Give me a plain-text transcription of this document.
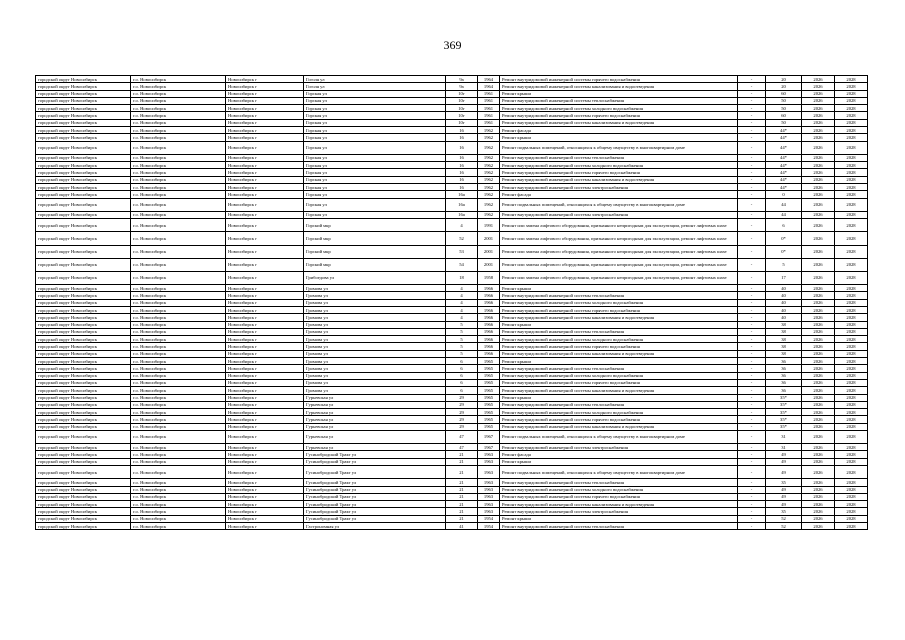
369
городской округ Новосибирск	г.о. Новосибирск	Новосибирск г	Гоголя ул	9а	1964	Ремонт внутридомовой инженерной системы горячего водоснабжения	-	20	2026	2028
городской округ Новосибирск	г.о. Новосибирск	Новосибирск г	Гоголя ул	9а	1964	Ремонт внутридомовой инженерной системы канализования и водоотведения	-	20	2026	2028
городской округ Новосибирск	г.о. Новосибирск	Новосибирск г	Горская ул	10г	1961	Ремонт крыши	-	60	2026	2028
городской округ Новосибирск	г.о. Новосибирск	Новосибирск г	Горская ул	10г	1961	Ремонт внутридомовой инженерной системы теплоснабжения	-	50	2026	2028
городской округ Новосибирск	г.о. Новосибирск	Новосибирск г	Горская ул	10г	1961	Ремонт внутридомовой инженерной системы холодного водоснабжения	-	50	2026	2028
городской округ Новосибирск	г.о. Новосибирск	Новосибирск г	Горская ул	10г	1961	Ремонт внутридомовой инженерной системы горячего водоснабжения	-	60	2026	2028
городской округ Новосибирск	г.о. Новосибирск	Новосибирск г	Горская ул	10г	1961	Ремонт внутридомовой инженерной системы канализования и водоотведения	-	50	2026	2028
городской округ Новосибирск	г.о. Новосибирск	Новосибирск г	Горская ул	16	1962	Ремонт фасада	-	44*	2026	2028
городской округ Новосибирск	г.о. Новосибирск	Новосибирск г	Горская ул	16	1962	Ремонт крыши	-	44*	2026	2028
городской округ Новосибирск	г.о. Новосибирск	Новосибирск г	Горская ул	16	1962	Ремонт подвальных помещений, относящихся к общему имуществу в многоквартирном доме	-	44*	2026	2028
городской округ Новосибирск	г.о. Новосибирск	Новосибирск г	Горская ул	16	1962	Ремонт внутридомовой инженерной системы теплоснабжения	-	44*	2026	2028
городской округ Новосибирск	г.о. Новосибирск	Новосибирск г	Горская ул	16	1962	Ремонт внутридомовой инженерной системы холодного водоснабжения	-	44*	2026	2028
городской округ Новосибирск	г.о. Новосибирск	Новосибирск г	Горская ул	16	1962	Ремонт внутридомовой инженерной системы горячего водоснабжения	-	44*	2026	2028
городской округ Новосибирск	г.о. Новосибирск	Новосибирск г	Горская ул	16	1962	Ремонт внутридомовой инженерной системы канализования и водоотведения	-	44*	2026	2028
городской округ Новосибирск	г.о. Новосибирск	Новосибирск г	Горская ул	16	1962	Ремонт внутридомовой инженерной системы электроснабжения	-	44*	2026	2028
городской округ Новосибирск	г.о. Новосибирск	Новосибирск г	Горская ул	16а	1962	Ремонт фасада	-	0	2026	2028
городской округ Новосибирск	г.о. Новосибирск	Новосибирск г	Горская ул	16а	1962	Ремонт подвальных помещений, относящихся к общему имуществу в многоквартирном доме	-	44	2026	2028
городской округ Новосибирск	г.о. Новосибирск	Новосибирск г	Горская ул	16а	1962	Ремонт внутридомовой инженерной системы электроснабжения	-	44	2026	2028
городской округ Новосибирск	г.о. Новосибирск	Новосибирск г	Горский мкр	4	1991	Ремонт или замена лифтового оборудования, признанного непригодным для эксплуатации, ремонт лифтовых шахт	-	6	2026	2028
городской округ Новосибирск	г.о. Новосибирск	Новосибирск г	Горский мкр	52	2001	Ремонт или замена лифтового оборудования, признанного непригодным для эксплуатации, ремонт лифтовых шахт	-	0*	2026	2028
городской округ Новосибирск	г.о. Новосибирск	Новосибирск г	Горский мкр	53	2001	Ремонт или замена лифтового оборудования, признанного непригодным для эксплуатации, ремонт лифтовых шахт	-	0*	2026	2028
городской округ Новосибирск	г.о. Новосибирск	Новосибирск г	Горский мкр	54	2001	Ремонт или замена лифтового оборудования, признанного непригодным для эксплуатации, ремонт лифтовых шахт	-	5	2026	2028
городской округ Новосибирск	г.о. Новосибирск	Новосибирск г	Грибоедова ул	18	1958	Ремонт или замена лифтового оборудования, признанного непригодным для эксплуатации, ремонт лифтовых шахт	-	17	2026	2028
городской округ Новосибирск	г.о. Новосибирск	Новосибирск г	Громова ул	4	1966	Ремонт крыши	-	40	2026	2028
городской округ Новосибирск	г.о. Новосибирск	Новосибирск г	Громова ул	4	1966	Ремонт внутридомовой инженерной системы теплоснабжения	-	40	2026	2028
городской округ Новосибирск	г.о. Новосибирск	Новосибирск г	Громова ул	4	1966	Ремонт внутридомовой инженерной системы холодного водоснабжения	-	40	2026	2028
городской округ Новосибирск	г.о. Новосибирск	Новосибирск г	Громова ул	4	1966	Ремонт внутридомовой инженерной системы горячего водоснабжения	-	40	2026	2028
городской округ Новосибирск	г.о. Новосибирск	Новосибирск г	Громова ул	4	1966	Ремонт внутридомовой инженерной системы канализования и водоотведения	-	40	2026	2028
городской округ Новосибирск	г.о. Новосибирск	Новосибирск г	Громова ул	5	1966	Ремонт крыши	-	38	2026	2028
городской округ Новосибирск	г.о. Новосибирск	Новосибирск г	Громова ул	5	1966	Ремонт внутридомовой инженерной системы теплоснабжения	-	38	2026	2028
городской округ Новосибирск	г.о. Новосибирск	Новосибирск г	Громова ул	5	1966	Ремонт внутридомовой инженерной системы холодного водоснабжения	-	38	2026	2028
городской округ Новосибирск	г.о. Новосибирск	Новосибирск г	Громова ул	5	1966	Ремонт внутридомовой инженерной системы горячего водоснабжения	-	38	2026	2028
городской округ Новосибирск	г.о. Новосибирск	Новосибирск г	Громова ул	5	1966	Ремонт внутридомовой инженерной системы канализования и водоотведения	-	38	2026	2028
городской округ Новосибирск	г.о. Новосибирск	Новосибирск г	Громова ул	6	1965	Ремонт крыши	-	36	2026	2028
городской округ Новосибирск	г.о. Новосибирск	Новосибирск г	Громова ул	6	1965	Ремонт внутридомовой инженерной системы теплоснабжения	-	36	2026	2028
городской округ Новосибирск	г.о. Новосибирск	Новосибирск г	Громова ул	6	1965	Ремонт внутридомовой инженерной системы холодного водоснабжения	-	36	2026	2028
городской округ Новосибирск	г.о. Новосибирск	Новосибирск г	Громова ул	6	1965	Ремонт внутридомовой инженерной системы горячего водоснабжения	-	36	2026	2028
городской округ Новосибирск	г.о. Новосибирск	Новосибирск г	Громова ул	6	1965	Ремонт внутридомовой инженерной системы канализования и водоотведения	-	36	2026	2028
городской округ Новосибирск	г.о. Новосибирск	Новосибирск г	Гурьевская ул	29	1965	Ремонт крыши	-	35*	2026	2028
городской округ Новосибирск	г.о. Новосибирск	Новосибирск г	Гурьевская ул	29	1965	Ремонт внутридомовой инженерной системы теплоснабжения	-	35*	2026	2028
городской округ Новосибирск	г.о. Новосибирск	Новосибирск г	Гурьевская ул	29	1965	Ремонт внутридомовой инженерной системы холодного водоснабжения	-	35*	2026	2028
городской округ Новосибирск	г.о. Новосибирск	Новосибирск г	Гурьевская ул	29	1965	Ремонт внутридомовой инженерной системы горячего водоснабжения	-	35*	2026	2028
городской округ Новосибирск	г.о. Новосибирск	Новосибирск г	Гурьевская ул	29	1965	Ремонт внутридомовой инженерной системы канализования и водоотведения	-	35*	2026	2028
городской округ Новосибирск	г.о. Новосибирск	Новосибирск г	Гурьевская ул	47	1967	Ремонт подвальных помещений, относящихся к общему имуществу в многоквартирном доме	-	31	2026	2028
городской округ Новосибирск	г.о. Новосибирск	Новосибирск г	Гурьевская ул	47	1967	Ремонт внутридомовой инженерной системы электроснабжения	-	31	2026	2028
городской округ Новосибирск	г.о. Новосибирск	Новосибирск г	Гусинобродский Тракт ул	21	1963	Ремонт фасада	-	49	2026	2028
городской округ Новосибирск	г.о. Новосибирск	Новосибирск г	Гусинобродский Тракт ул	21	1963	Ремонт крыши	-	49	2026	2028
городской округ Новосибирск	г.о. Новосибирск	Новосибирск г	Гусинобродский Тракт ул	21	1963	Ремонт подвальных помещений, относящихся к общему имуществу в многоквартирном доме	-	49	2026	2028
городской округ Новосибирск	г.о. Новосибирск	Новосибирск г	Гусинобродский Тракт ул	21	1963	Ремонт внутридомовой инженерной системы теплоснабжения	-	35	2026	2028
городской округ Новосибирск	г.о. Новосибирск	Новосибирск г	Гусинобродский Тракт ул	21	1963	Ремонт внутридомовой инженерной системы холодного водоснабжения	-	49	2026	2028
городской округ Новосибирск	г.о. Новосибирск	Новосибирск г	Гусинобродский Тракт ул	21	1963	Ремонт внутридомовой инженерной системы горячего водоснабжения	-	49	2026	2028
городской округ Новосибирск	г.о. Новосибирск	Новосибирск г	Гусинобродский Тракт ул	21	1963	Ремонт внутридомовой инженерной системы канализования и водоотведения	-	49	2026	2028
городской округ Новосибирск	г.о. Новосибирск	Новосибирск г	Гусинобродский Тракт ул	21	1963	Ремонт внутридомовой инженерной системы электроснабжения	-	35	2026	2028
городской округ Новосибирск	г.о. Новосибирск	Новосибирск г	Гусинобродский Тракт ул	21	1954	Ремонт крыши	-	52	2026	2028
городской округ Новосибирск	г.о. Новосибирск	Новосибирск г	Гастрономная ул	41	1954	Ремонт внутридомовой инженерной системы теплоснабжения	-	52	2026	2028
